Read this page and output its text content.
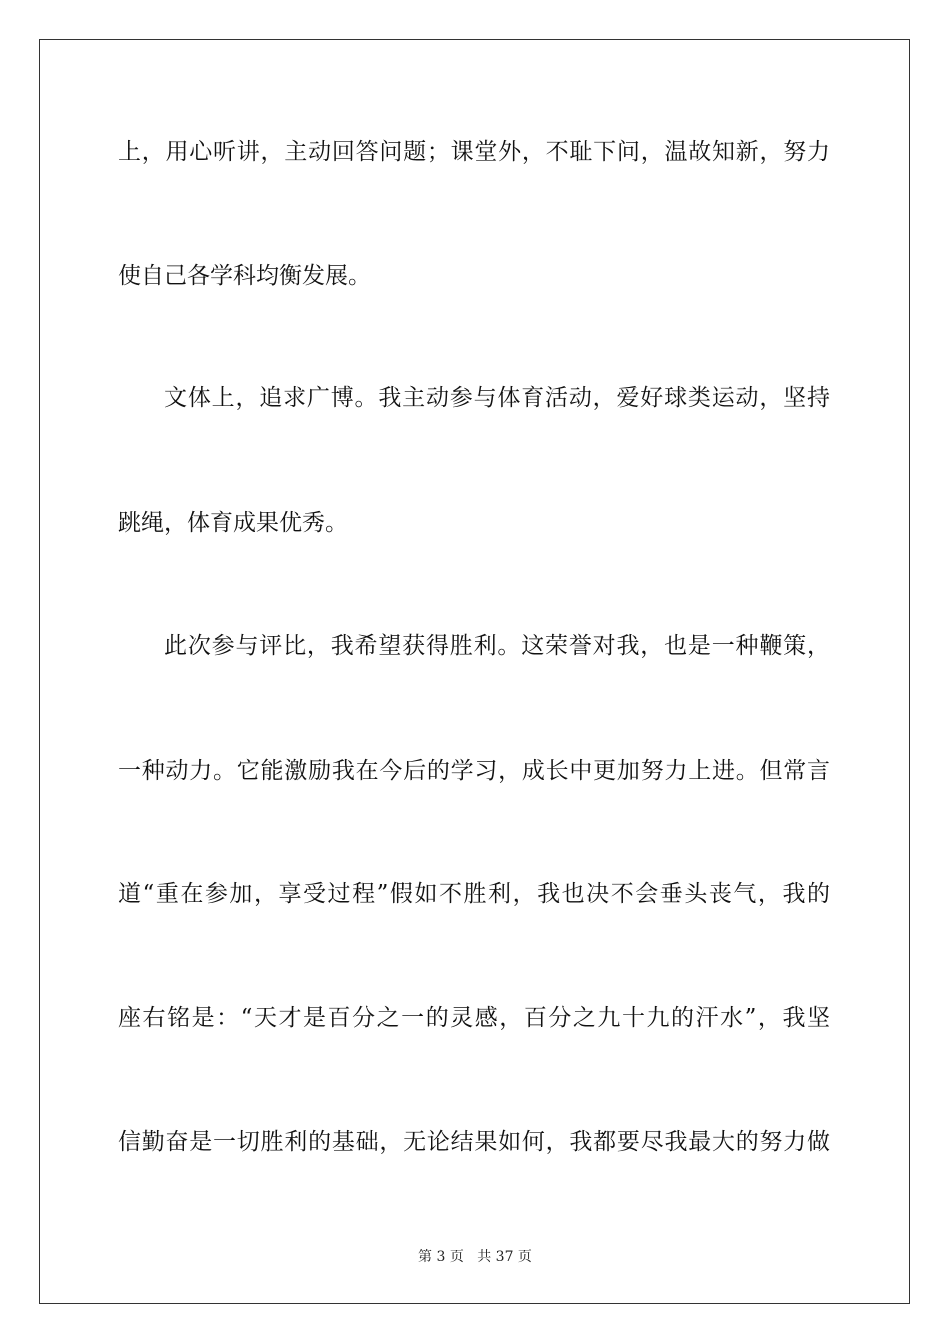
上，用心听讲，主动回答问题；课堂外，不耻下问，温故知新，努力
使自己各学科均衡发展。
文体上，追求广博。我主动参与体育活动，爱好球类运动，坚持
跳绳，体育成果优秀。
此次参与评比，我希望获得胜利。这荣誉对我，也是一种鞭策，
一种动力。它能激励我在今后的学习，成长中更加努力上进。但常言
道“重在参加，享受过程”假如不胜利，我也决不会垂头丧气，我的
座右铭是：“天才是百分之一的灵感，百分之九十九的汗水”，我坚
信勤奋是一切胜利的基础，无论结果如何，我都要尽我最大的努力做
第 3 页 共 37 页
